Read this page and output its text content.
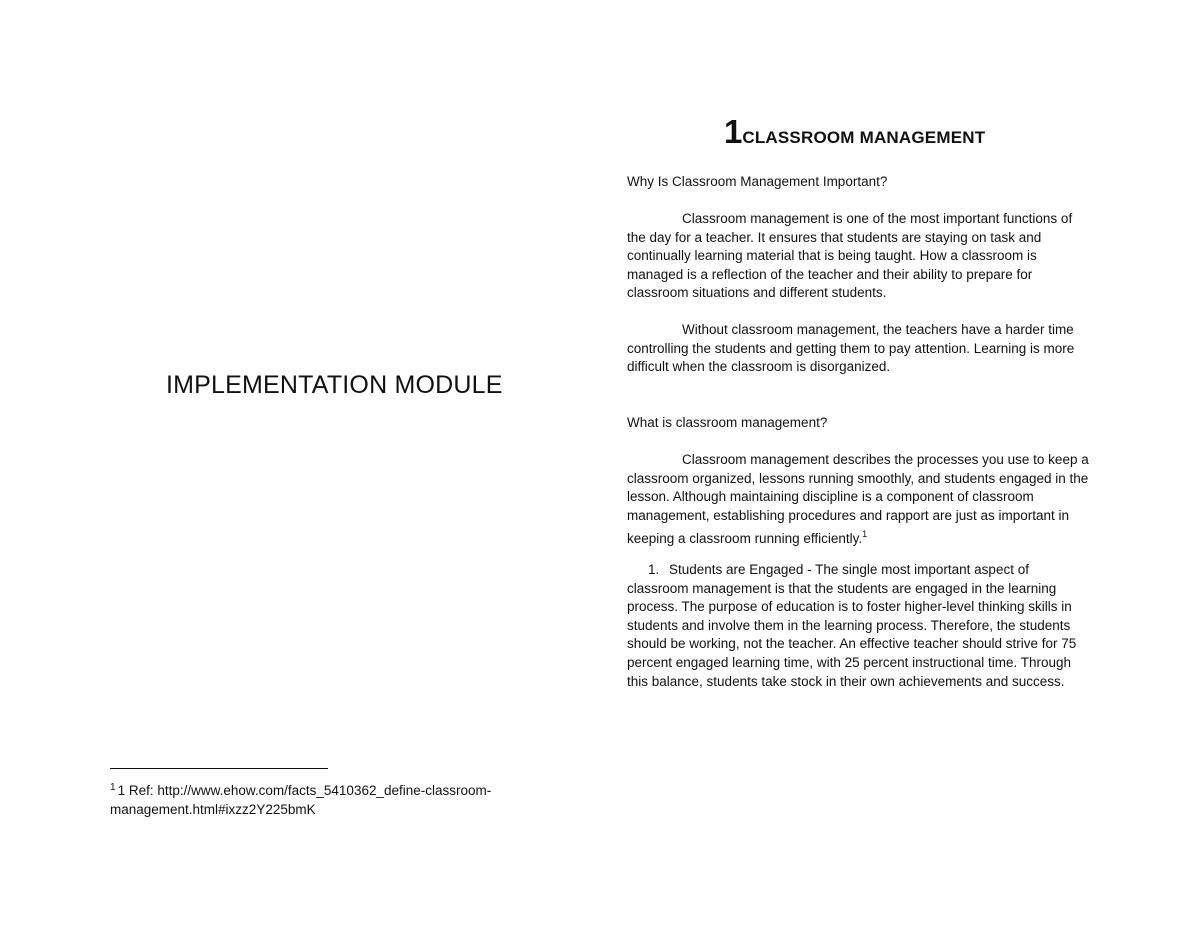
IMPLEMENTATION MODULE
$^1$ 1 Ref: http://www.ehow.com/facts_5410362_define-classroom-
management.html#ixzz2Y225bmK
1CLASSROOM MANAGEMENT
Why Is Classroom Management Important?
Classroom management is one of the most important functions of the day for a teacher. It ensures that students are staying on task and continually learning material that is being taught. How a classroom is managed is a reflection of the teacher and their ability to prepare for classroom situations and different students.
Without classroom management, the teachers have a harder time controlling the students and getting them to pay attention. Learning is more difficult when the classroom is disorganized.
What is classroom management?
Classroom management describes the processes you use to keep a classroom organized, lessons running smoothly, and students engaged in the lesson. Although maintaining discipline is a component of classroom management, establishing procedures and rapport are just as important in keeping a classroom running efficiently.$^1$
1. Students are Engaged - The single most important aspect of classroom management is that the students are engaged in the learning process. The purpose of education is to foster higher-level thinking skills in students and involve them in the learning process. Therefore, the students should be working, not the teacher. An effective teacher should strive for 75 percent engaged learning time, with 25 percent instructional time. Through this balance, students take stock in their own achievements and success.
